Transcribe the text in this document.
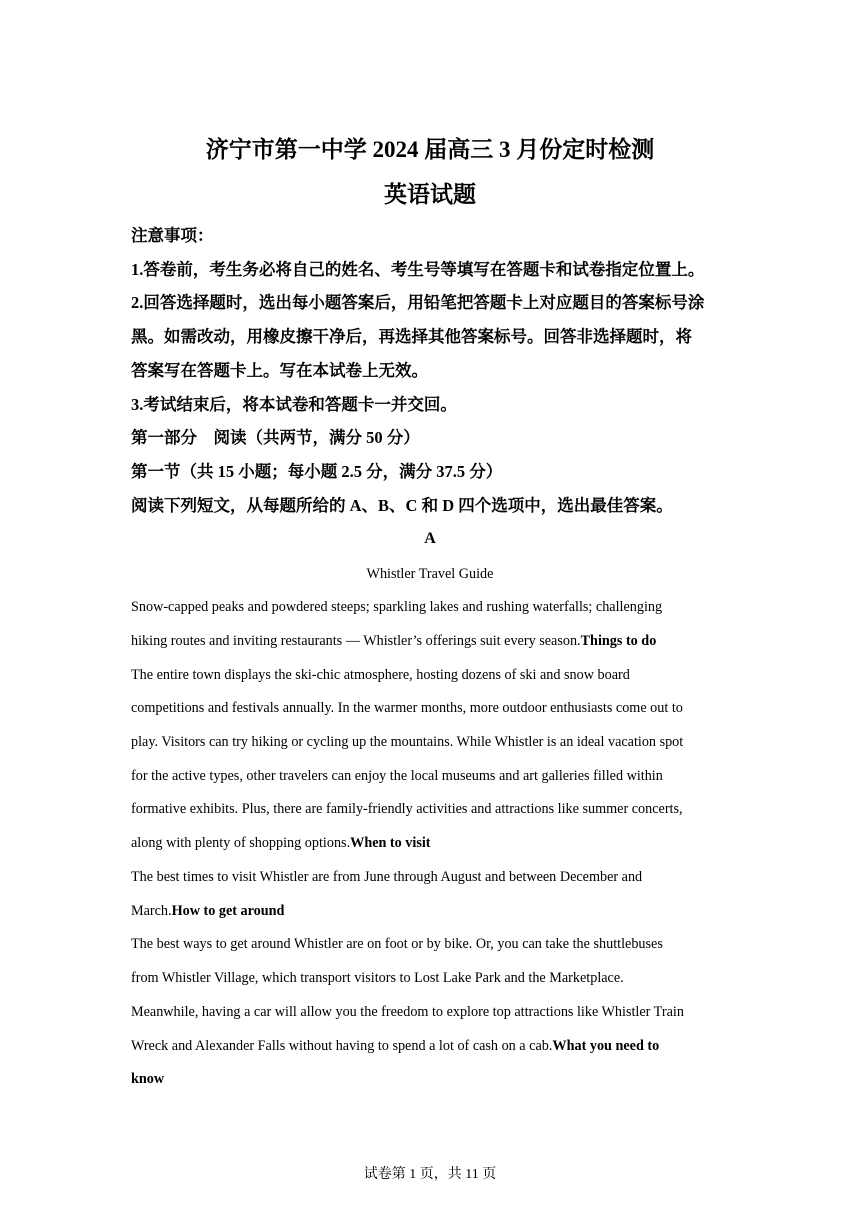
济宁市第一中学 2024 届高三 3 月份定时检测
英语试题
注意事项：
1.答卷前，考生务必将自己的姓名、考生号等填写在答题卡和试卷指定位置上。
2.回答选择题时，选出每小题答案后，用铅笔把答题卡上对应题目的答案标号涂
黑。如需改动，用橡皮擦干净后，再选择其他答案标号。回答非选择题时，将
答案写在答题卡上。写在本试卷上无效。
3.考试结束后，将本试卷和答题卡一并交回。
第一部分　阅读（共两节，满分 50 分）
第一节（共 15 小题；每小题 2.5 分，满分 37.5 分）
阅读下列短文，从每题所给的 A、B、C 和 D 四个选项中，选出最佳答案。
A
Whistler Travel Guide
Snow-capped peaks and powdered steeps; sparkling lakes and rushing waterfalls; challenging
hiking routes and inviting restaurants — Whistler’s offerings suit every season.Things to do
The entire town displays the ski-chic atmosphere, hosting dozens of ski and snow board
competitions and festivals annually. In the warmer months, more outdoor enthusiasts come out to
play. Visitors can try hiking or cycling up the mountains. While Whistler is an ideal vacation spot
for the active types, other travelers can enjoy the local museums and art galleries filled within
formative exhibits. Plus, there are family-friendly activities and attractions like summer concerts,
along with plenty of shopping options.When to visit
The best times to visit Whistler are from June through August and between December and
March.How to get around
The best ways to get around Whistler are on foot or by bike. Or, you can take the shuttlebuses
from Whistler Village, which transport visitors to Lost Lake Park and the Marketplace.
Meanwhile, having a car will allow you the freedom to explore top attractions like Whistler Train
Wreck and Alexander Falls without having to spend a lot of cash on a cab.What you need to
know
试卷第 1 页，共 11 页
